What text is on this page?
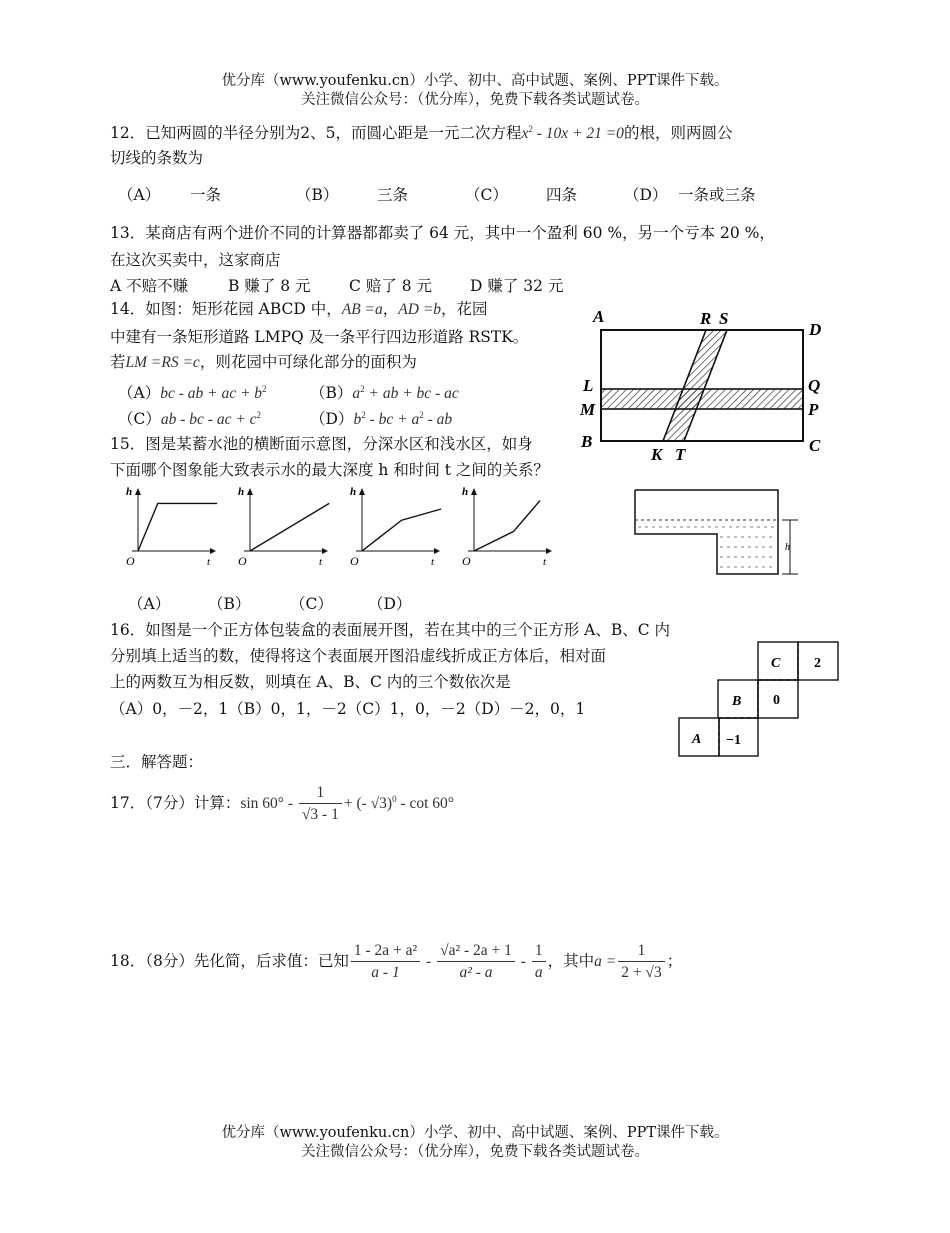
优分库（www.youfenku.cn）小学、初中、高中试题、案例、PPT课件下载。
关注微信公众号：（优分库），免费下载各类试题试卷。
12．已知两圆的半径分别为2、5，而圆心距是一元二次方程$x^2 - 10x + 21 =0$的根，则两圆公
切线的条数为
（A） 一条	（B） 三条	（C） 四条	（D） 一条或三条
13．某商店有两个进价不同的计算器都都卖了 64 元，其中一个盈利 60 %，另一个亏本 20 %，
在这次买卖中，这家商店
A 不赔不赚	B 赚了 8 元 C 赔了 8 元 D 赚了 32 元
14．如图：矩形花园 ABCD 中，AB =a，AD =b，花园
中建有一条矩形道路 LMPQ 及一条平行四边形道路 RSTK。
若LM =RS =c，则花园中可绿化部分的面积为
（A）bc - ab + ac + $b^2$	$(B)a^2$ + ab + bc - ac
（C）ab - bc - ac + $c^2$	$(D)b^2$ - bc + $a^2$ - ab
A	R S
D
L
M
Q
P
B	C
K T
15．图是某蓄水池的横断面示意图，分深水区和浅水区，如身
下面哪个图象能大致表示水的最大深度 h 和时间 t 之间的关系？
h
t
O
h
t
O
h
t
O
h
t
O
（A） （B）	（C） （D）
h
16．如图是一个正方体包装盒的表面展开图，若在其中的三个正方形 A、B、C 内
分别填上适当的数，使得将这个表面展开图沿虚线折成正方体后，相对面
上的两数互为相反数，则填在 A、B、C 内的三个数依次是
（A）0，－2，1（B）0，1，－2（C）1，0，－2（D）－2，0，1
C 2
B 0
A −1
三．解答题：
17．（7分）计算：$\sin 60^\circ - \frac{1}{√3 - 1}$ + (- √3)$^0$ - cot 60°
18．（8分）先化简，后求值：已知 $\frac{\text{1 - 2a + a²}}{a - 1} - \frac{\text{√a² - 2a + 1}}{\text{a² - a}} - \frac{1}{a}$ ，其中$a = \frac{1}{2 + √3}$ ；
优分库（www.youfenku.cn）小学、初中、高中试题、案例、PPT课件下载。
关注微信公众号：（优分库），免费下载各类试题试卷。
